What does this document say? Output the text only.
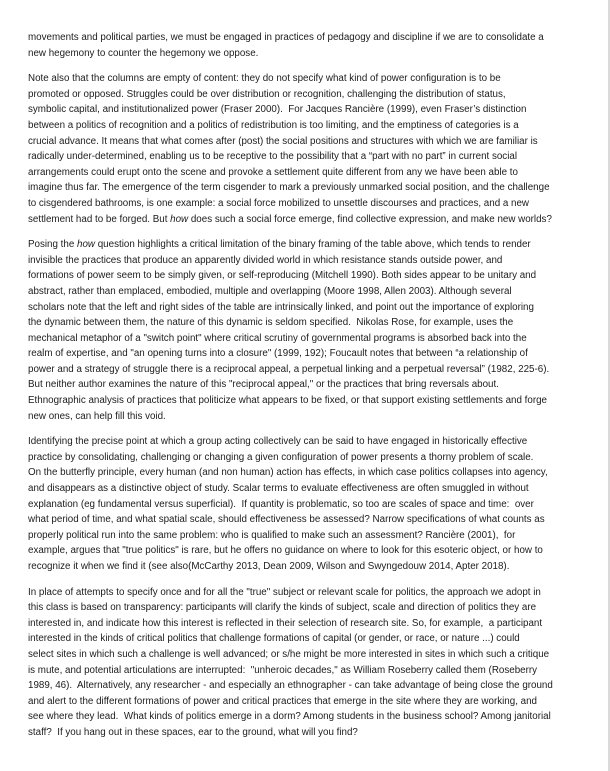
movements and political parties, we must be engaged in practices of pedagogy and discipline if we are to consolidate a
new hegemony to counter the hegemony we oppose.
Note also that the columns are empty of content: they do not specify what kind of power configuration is to be
promoted or opposed. Struggles could be over distribution or recognition, challenging the distribution of status,
symbolic capital, and institutionalized power (Fraser 2000).  For Jacques Rancière (1999), even Fraser’s distinction
between a politics of recognition and a politics of redistribution is too limiting, and the emptiness of categories is a
crucial advance. It means that what comes after (post) the social positions and structures with which we are familiar is
radically under-determined, enabling us to be receptive to the possibility that a “part with no part” in current social
arrangements could erupt onto the scene and provoke a settlement quite different from any we have been able to
imagine thus far. The emergence of the term cisgender to mark a previously unmarked social position, and the challenge
to cisgendered bathrooms, is one example: a social force mobilized to unsettle discourses and practices, and a new
settlement had to be forged. But how does such a social force emerge, find collective expression, and make new worlds?
Posing the how question highlights a critical limitation of the binary framing of the table above, which tends to render
invisible the practices that produce an apparently divided world in which resistance stands outside power, and
formations of power seem to be simply given, or self-reproducing (Mitchell 1990). Both sides appear to be unitary and
abstract, rather than emplaced, embodied, multiple and overlapping (Moore 1998, Allen 2003). Although several
scholars note that the left and right sides of the table are intrinsically linked, and point out the importance of exploring
the dynamic between them, the nature of this dynamic is seldom specified.  Nikolas Rose, for example, uses the
mechanical metaphor of a "switch point" where critical scrutiny of governmental programs is absorbed back into the
realm of expertise, and "an opening turns into a closure" (1999, 192); Foucault notes that between “a relationship of
power and a strategy of struggle there is a reciprocal appeal, a perpetual linking and a perpetual reversal” (1982, 225-6).
But neither author examines the nature of this "reciprocal appeal," or the practices that bring reversals about.
Ethnographic analysis of practices that politicize what appears to be fixed, or that support existing settlements and forge
new ones, can help fill this void.
Identifying the precise point at which a group acting collectively can be said to have engaged in historically effective
practice by consolidating, challenging or changing a given configuration of power presents a thorny problem of scale.
On the butterfly principle, every human (and non human) action has effects, in which case politics collapses into agency,
and disappears as a distinctive object of study. Scalar terms to evaluate effectiveness are often smuggled in without
explanation (eg fundamental versus superficial).  If quantity is problematic, so too are scales of space and time:  over
what period of time, and what spatial scale, should effectiveness be assessed? Narrow specifications of what counts as
properly political run into the same problem: who is qualified to make such an assessment? Rancière (2001),  for
example, argues that "true politics" is rare, but he offers no guidance on where to look for this esoteric object, or how to
recognize it when we find it (see also(McCarthy 2013, Dean 2009, Wilson and Swyngedouw 2014, Apter 2018).
In place of attempts to specify once and for all the "true" subject or relevant scale for politics, the approach we adopt in
this class is based on transparency: participants will clarify the kinds of subject, scale and direction of politics they are
interested in, and indicate how this interest is reflected in their selection of research site. So, for example,  a participant
interested in the kinds of critical politics that challenge formations of capital (or gender, or race, or nature ...) could
select sites in which such a challenge is well advanced; or s/he might be more interested in sites in which such a critique
is mute, and potential articulations are interrupted:  "unheroic decades," as William Roseberry called them (Roseberry
1989, 46).  Alternatively, any researcher - and especially an ethnographer - can take advantage of being close the ground
and alert to the different formations of power and critical practices that emerge in the site where they are working, and
see where they lead.  What kinds of politics emerge in a dorm? Among students in the business school? Among janitorial
staff?  If you hang out in these spaces, ear to the ground, what will you find?
